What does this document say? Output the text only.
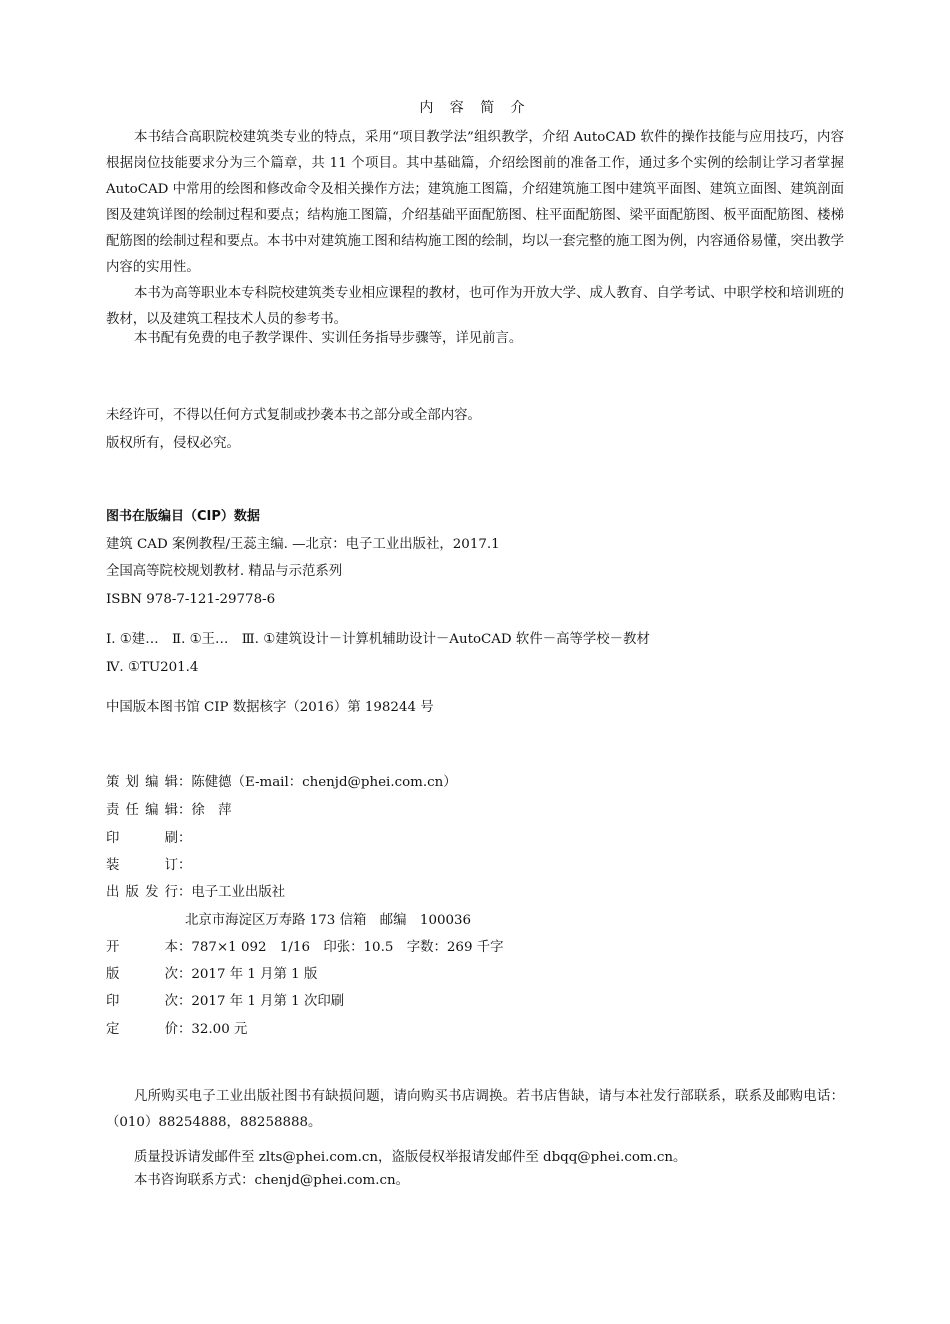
内 容 简 介

本书结合高职院校建筑类专业的特点，采用“项目教学法”组织教学，介绍 AutoCAD 软件的操作技能与应用技巧，内容根据岗位技能要求分为三个篇章，共 11 个项目。其中基础篇，介绍绘图前的准备工作，通过多个实例的绘制让学习者掌握 AutoCAD 中常用的绘图和修改命令及相关操作方法；建筑施工图篇，介绍建筑施工图中建筑平面图、建筑立面图、建筑剖面图及建筑详图的绘制过程和要点；结构施工图篇，介绍基础平面配筋图、柱平面配筋图、梁平面配筋图、板平面配筋图、楼梯配筋图的绘制过程和要点。本书中对建筑施工图和结构施工图的绘制，均以一套完整的施工图为例，内容通俗易懂，突出教学内容的实用性。

本书为高等职业本专科院校建筑类专业相应课程的教材，也可作为开放大学、成人教育、自学考试、中职学校和培训班的教材，以及建筑工程技术人员的参考书。

本书配有免费的电子教学课件、实训任务指导步骤等，详见前言。

未经许可，不得以任何方式复制或抄袭本书之部分或全部内容。
版权所有，侵权必究。
图书在版编目（CIP）数据
建筑 CAD 案例教程/王蕊主编. —北京：电子工业出版社，2017.1
全国高等院校规划教材. 精品与示范系列
ISBN 978-7-121-29778-6
Ⅰ. ①建…　Ⅱ. ①王…　Ⅲ. ①建筑设计－计算机辅助设计－AutoCAD 软件－高等学校－教材
Ⅳ. ①TU201.4
中国版本图书馆 CIP 数据核字（2016）第 198244 号
策划编辑：陈健德（E-mail：chenjd@phei.com.cn）
责任编辑：徐　萍
印　　刷：
装　　订：
出版发行：电子工业出版社
北京市海淀区万寿路 173 信箱　邮编　100036
开　　本：787×1 092　1/16　印张：10.5　字数：269 千字
版　　次：2017 年 1 月第 1 版
印　　次：2017 年 1 月第 1 次印刷
定　　价：32.00 元

凡所购买电子工业出版社图书有缺损问题，请向购买书店调换。若书店售缺，请与本社发行部联系，联系及邮购电话：（010）88254888，88258888。

质量投诉请发邮件至 zlts@phei.com.cn，盗版侵权举报请发邮件至 dbqq@phei.com.cn。
本书咨询联系方式：chenjd@phei.com.cn。
